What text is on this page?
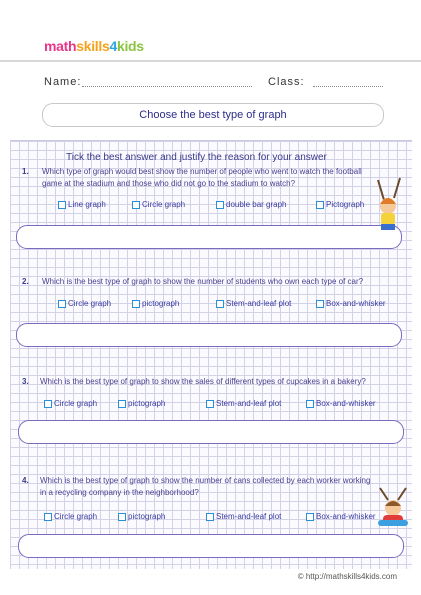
mathskills4kids
Name:	Class:
Choose the best type of graph
Tick the best answer and justify the reason for your answer
1. Which type of graph would best show the number of people who went to watch the football
game at the stadium and those who did not go to the stadium to watch?
Line graph	Circle graph	double bar graph	Pictograph
2. Which is the best type of graph to show the number of students who own each type of car?
Circle graph	pictograph	Stem-and-leaf plot	Box-and-whisker
3. Which is the best type of graph to show the sales of different types of cupcakes in a bakery?
Circle graph	pictograph	Stem-and-leaf plot	Box-and-whisker
4. Which is the best type of graph to show the number of cans collected by each worker working
in a recycling company in the neighborhood?
Circle graph	pictograph	Stem-and-leaf plot	Box-and-whisker
© http://mathskills4kids.com
